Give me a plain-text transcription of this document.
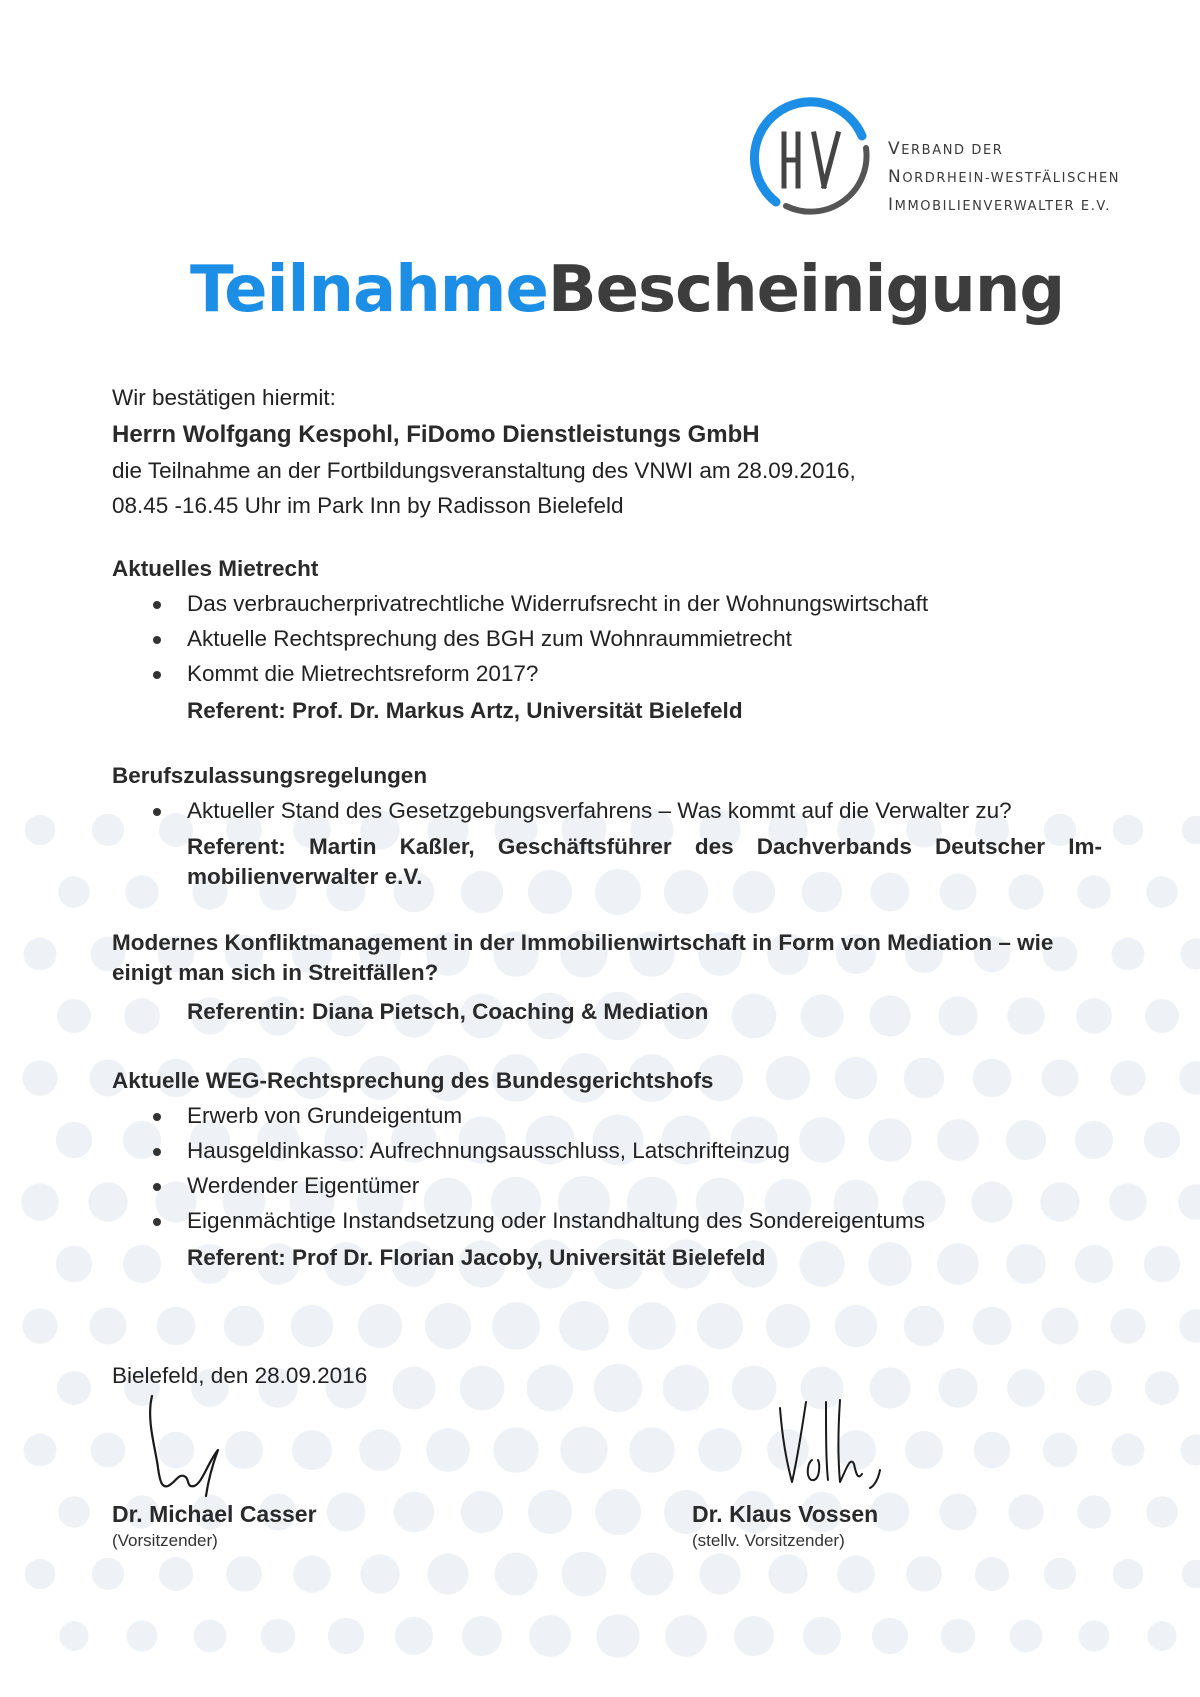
VERBAND DER
NORDRHEIN-WESTFÄLISCHEN
IMMOBILIENVERWALTER E.V.
TeilnahmeBescheinigung

Wir bestätigen hiermit:

Herrn Wolfgang Kespohl, FiDomo Dienstleistungs GmbH

die Teilnahme an der Fortbildungsveranstaltung des VNWI am 28.09.2016,

08.45 -16.45 Uhr im Park Inn by Radisson Bielefeld

Aktuelles Mietrecht

Das verbraucherprivatrechtliche Widerrufsrecht in der Wohnungswirtschaft
Aktuelle Rechtsprechung des BGH zum Wohnraummietrecht
Kommt die Mietrechtsreform 2017?

Referent: Prof. Dr. Markus Artz, Universität Bielefeld

Berufszulassungsregelungen

Aktueller Stand des Gesetzgebungsverfahrens – Was kommt auf die Verwalter zu?

Referent: Martin Kaßler, Geschäftsführer des Dachverbands Deutscher Im-mobilienverwalter e.V.

Modernes Konfliktmanagement in der Immobilienwirtschaft in Form von Mediation – wie einigt man sich in Streitfällen?

Referentin: Diana Pietsch, Coaching & Mediation

Aktuelle WEG-Rechtsprechung des Bundesgerichtshofs

Erwerb von Grundeigentum
Hausgeldinkasso: Aufrechnungsausschluss, Latschrifteinzug
Werdender Eigentümer
Eigenmächtige Instandsetzung oder Instandhaltung des Sondereigentums

Referent: Prof Dr. Florian Jacoby, Universität Bielefeld

Bielefeld, den 28.09.2016

Dr. Michael Casser

(Vorsitzender)

Dr. Klaus Vossen

(stellv. Vorsitzender)
